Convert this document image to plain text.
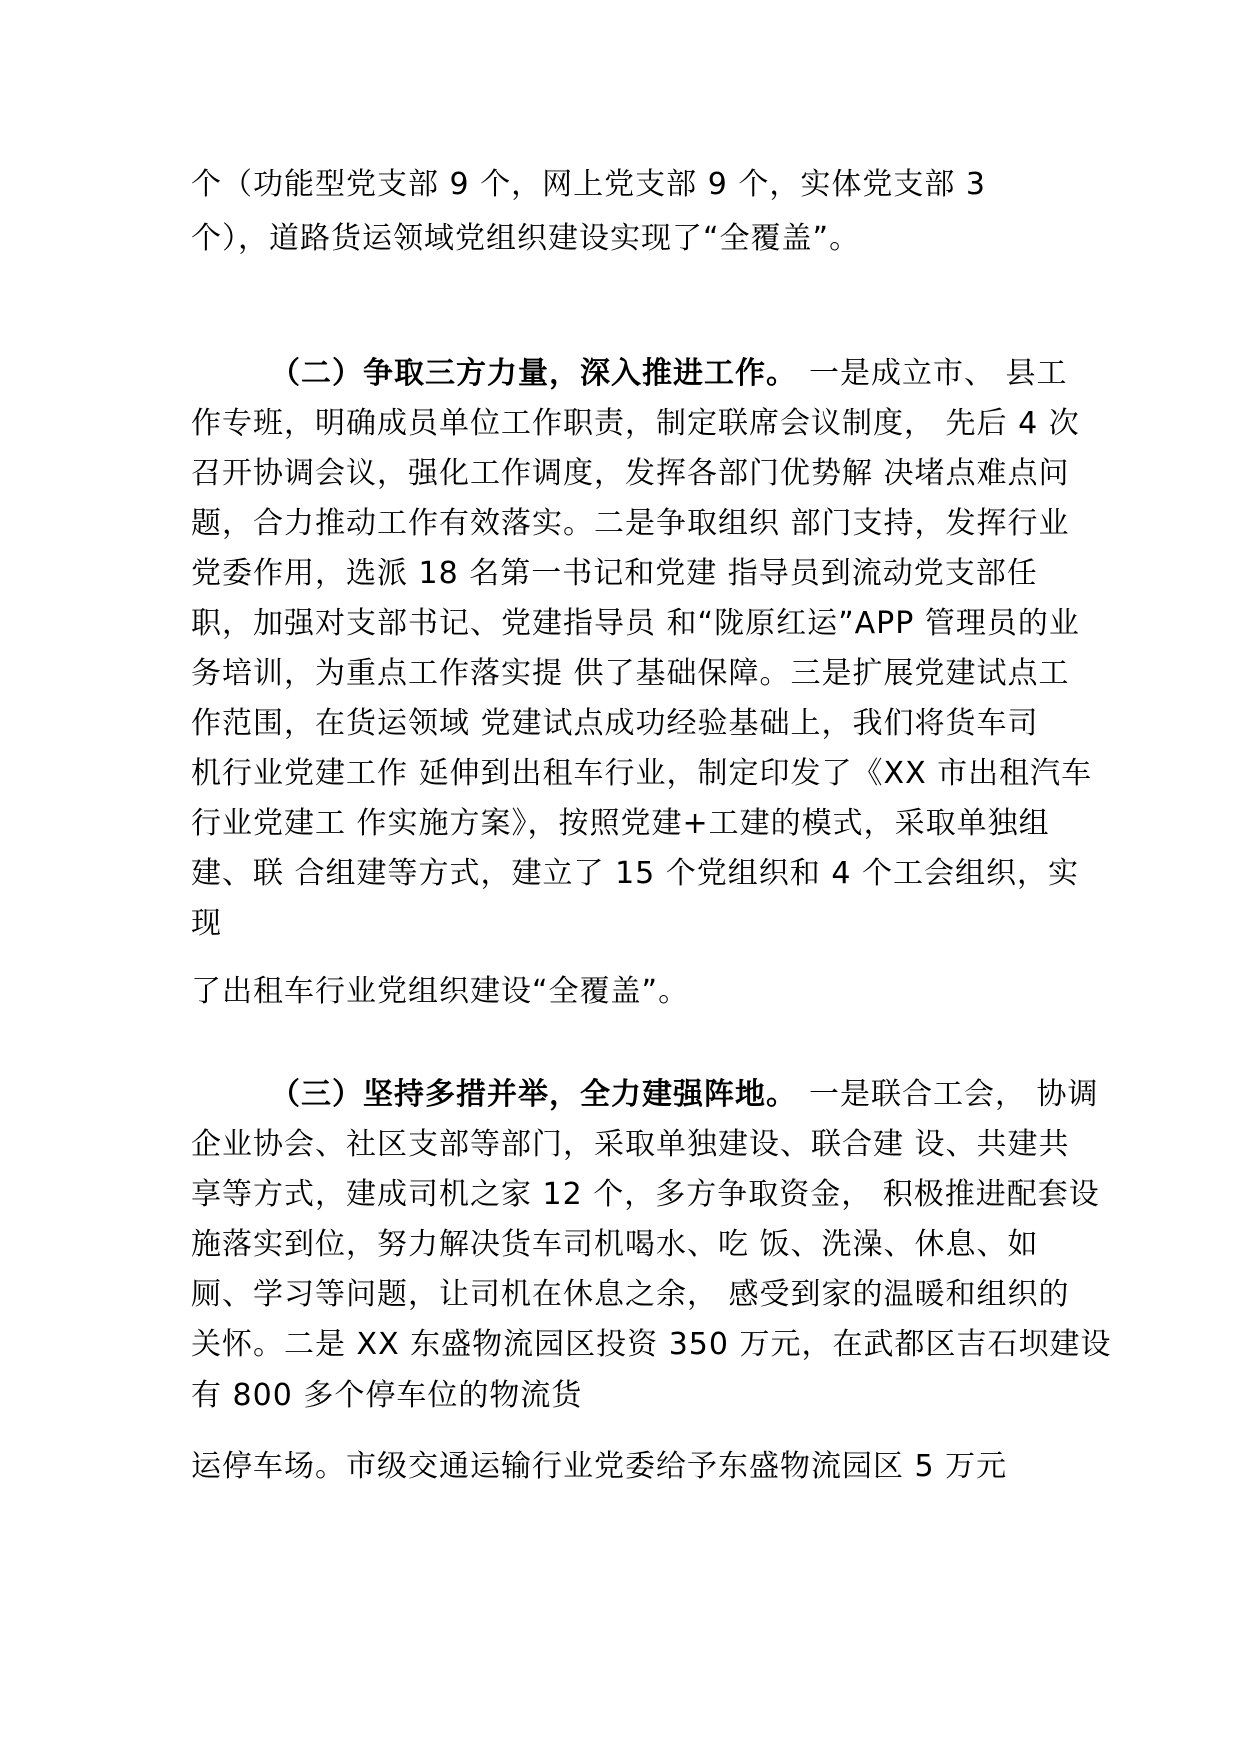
个（功能型党支部 9 个，网上党支部 9 个，实体党支部 3
个），道路货运领域党组织建设实现了“全覆盖”。
（二）争取三方力量，深入推进工作。 一是成立市、 县工
作专班，明确成员单位工作职责，制定联席会议制度， 先后 4 次
召开协调会议，强化工作调度，发挥各部门优势解 决堵点难点问
题，合力推动工作有效落实。二是争取组织 部门支持，发挥行业
党委作用，选派 18 名第一书记和党建 指导员到流动党支部任
职，加强对支部书记、党建指导员 和“陇原红运”APP 管理员的业
务培训，为重点工作落实提 供了基础保障。三是扩展党建试点工
作范围，在货运领域 党建试点成功经验基础上，我们将货车司
机行业党建工作 延伸到出租车行业，制定印发了《XX 市出租汽车
行业党建工 作实施方案》，按照党建+工建的模式，采取单独组
建、联 合组建等方式，建立了 15 个党组织和 4 个工会组织，实
现
了出租车行业党组织建设“全覆盖”。
（三）坚持多措并举，全力建强阵地。 一是联合工会， 协调
企业协会、社区支部等部门，采取单独建设、联合建 设、共建共
享等方式，建成司机之家 12 个，多方争取资金， 积极推进配套设
施落实到位，努力解决货车司机喝水、吃 饭、洗澡、休息、如
厕、学习等问题，让司机在休息之余， 感受到家的温暖和组织的
关怀。二是 XX 东盛物流园区投资 350 万元，在武都区吉石坝建设
有 800 多个停车位的物流货
运停车场。市级交通运输行业党委给予东盛物流园区 5 万元
